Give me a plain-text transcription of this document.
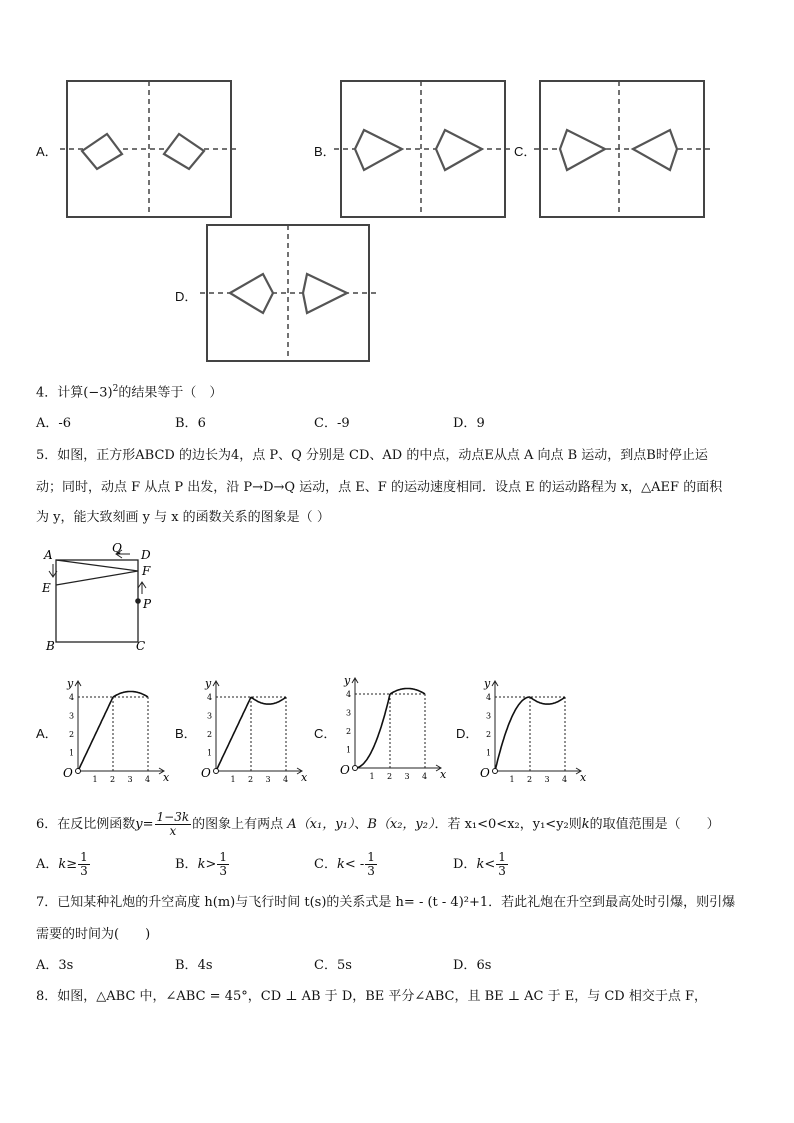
A．	B．	C．
D．
4．计算$(-3)^2$的结果等于（　）
A．-6	B．6	C．-9	D．9
5．如图，正方形ABCD 的边长为4，点 P、Q 分别是 CD、AD 的中点，动点E从点 A 向点 B 运动，到点B时停止运
动；同时，动点 F 从点 P 出发，沿 P→D→Q 运动，点 E、F 的运动速度相同．设点 E 的运动路程为 x，△AEF 的面积
为 y，能大致刻画 y 与 x 的函数关系的图象是（ ）
A	D
Q
E
F
P
B	C
A．
1 2 3 4
1
2
3
4
O	x
y
B．
1 2 3 4
1
2
3
4
O	x
y
C．
1 2 3 4
1
2
3
4
O	x
y
D．
1 2 3 4
1
2
3
4
O	x
y
6．在反比例函数$y= \frac{1-3k}{x}$ 的图象上有两点 A（x₁，y₁）、B（x₂，y₂）．若 x₁<0<x₂，y₁<y₂则k的取值范围是（　　）
A．$k\ge \frac{1}{3}$	B．$k> \frac{1}{3}$	C．$k< - \frac{1}{3}$	D．$k< \frac{1}{3}$
7．已知某种礼炮的升空高度 h(m)与飞行时间 t(s)的关系式是 h= - (t - 4)²+1．若此礼炮在升空到最高处时引爆，则引爆
需要的时间为(　　)
A．3s	B．4s	C．5s	D．6s
8．如图，△ABC 中，∠ABC = 45°，CD ⊥ AB 于 D，BE 平分∠ABC，且 BE ⊥ AC 于 E，与 CD 相交于点 F，
